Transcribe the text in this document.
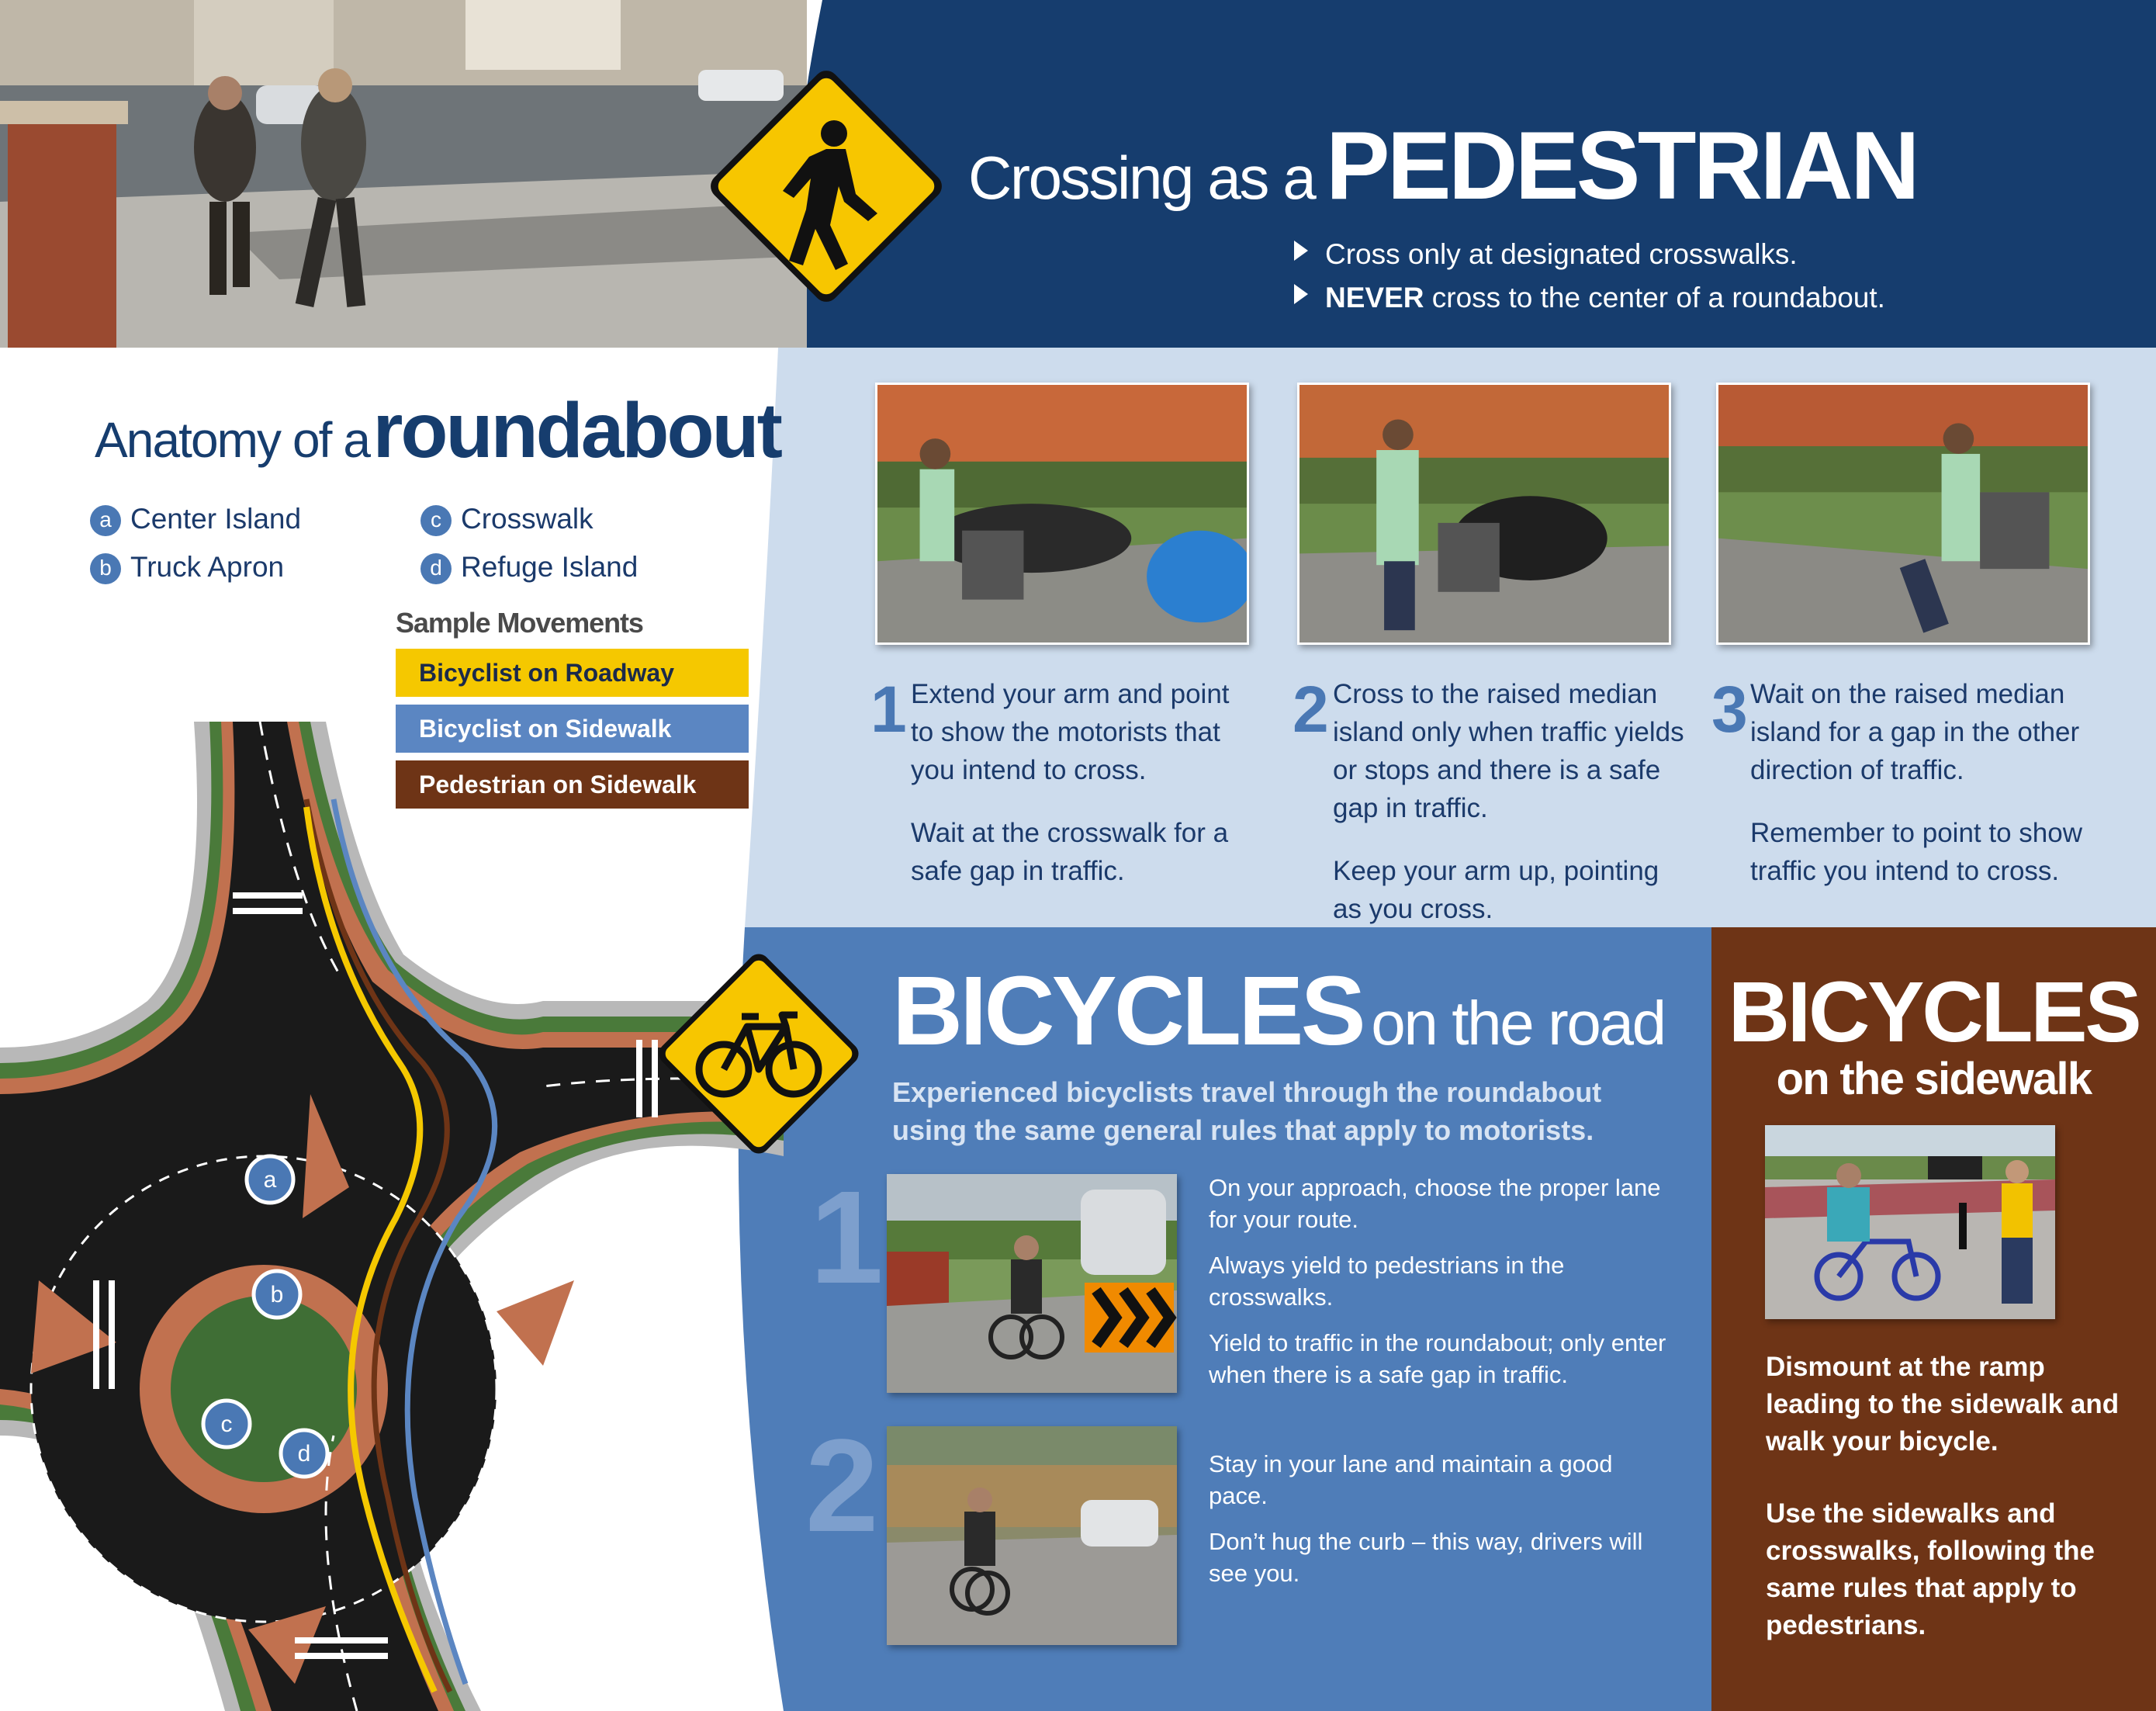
Crossing as a PEDESTRIAN
Cross only at designated crosswalks.
NEVER cross to the center of a roundabout.
1 Extend your arm and point to show the motorists that you intend to cross.

Wait at the crosswalk for a safe gap in traffic.

2 Cross to the raised median island only when traffic yields or stops and there is a safe gap in traffic.

Keep your arm up, pointing as you cross.

3 Wait on the raised median island for a gap in the other direction of traffic.

Remember to point to show traffic you intend to cross.

Anatomy of a roundabout
a Center Island
b Truck Apron
c Crosswalk
d Refuge Island
Sample Movements
Bicyclist on Roadway
Bicyclist on Sidewalk
Pedestrian on Sidewalk
a
b
c
d
BICYCLES on the road
Experienced bicyclists travel through the roundabout using the same general rules that apply to motorists.
1	On your approach, choose the proper lane for your route.

Always yield to pedestrians in the crosswalks.

Yield to traffic in the roundabout; only enter when there is a safe gap in traffic.

2	Stay in your lane and maintain a good pace.

Don’t hug the curb – this way, drivers will see you.

BICYCLES
on the sidewalk

Dismount at the ramp leading to the sidewalk and walk your bicycle.

Use the sidewalks and crosswalks, following the same rules that apply to pedestrians.
